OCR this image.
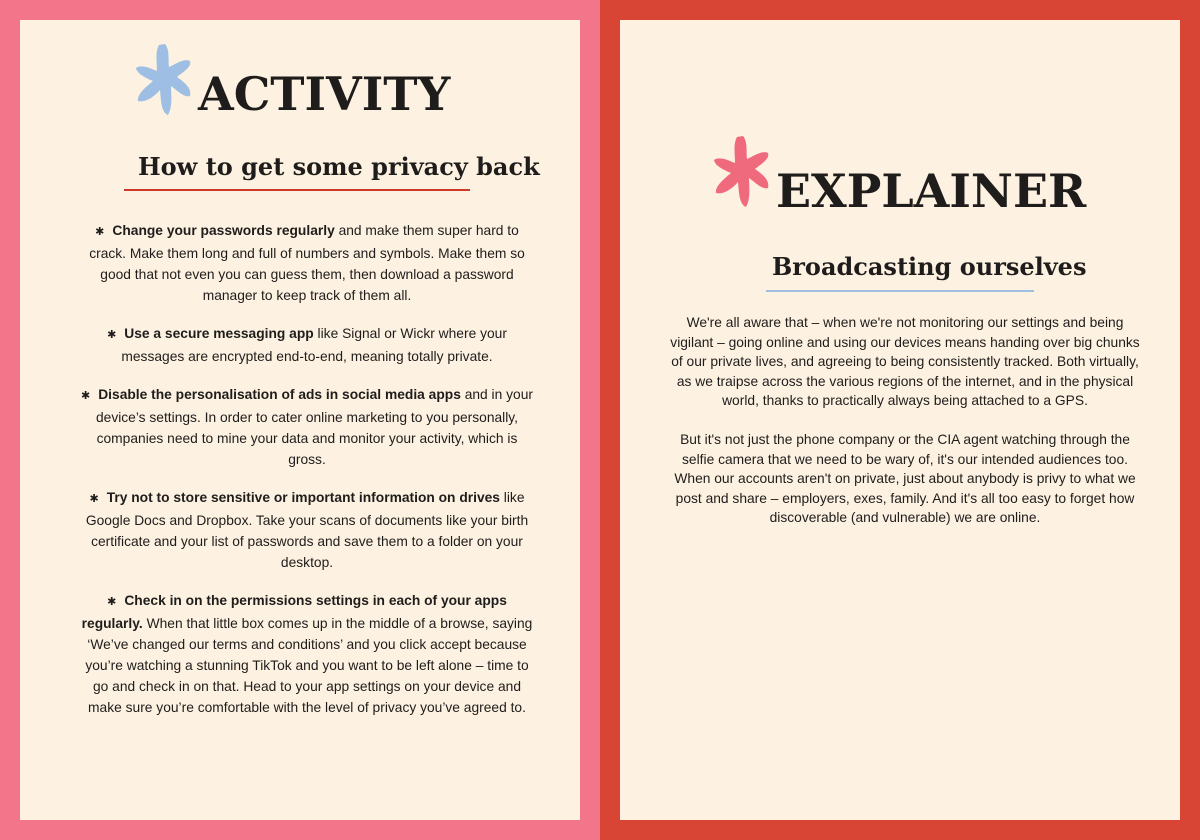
ACTIVITY
How to get some privacy back

✱ Change your passwords regularly and make them super hard to crack. Make them long and full of numbers and symbols. Make them so good that not even you can guess them, then download a password manager to keep track of them all.

✱ Use a secure messaging app like Signal or Wickr where your messages are encrypted end-to-end, meaning totally private.

✱ Disable the personalisation of ads in social media apps and in your device’s settings. In order to cater online marketing to you personally, companies need to mine your data and monitor your activity, which is gross.

✱ Try not to store sensitive or important information on drives like Google Docs and Dropbox. Take your scans of documents like your birth certificate and your list of passwords and save them to a folder on your desktop.

✱ Check in on the permissions settings in each of your apps regularly. When that little box comes up in the middle of a browse, saying ‘We’ve changed our terms and conditions’ and you click accept because you’re watching a stunning TikTok and you want to be left alone – time to go and check in on that. Head to your app settings on your device and make sure you’re comfortable with the level of privacy you’ve agreed to.

EXPLAINER
Broadcasting ourselves

We're all aware that – when we're not monitoring our settings and being vigilant – going online and using our devices means handing over big chunks of our private lives, and agreeing to being consistently tracked. Both virtually, as we traipse across the various regions of the internet, and in the physical world, thanks to practically always being attached to a GPS.

But it's not just the phone company or the CIA agent watching through the selfie camera that we need to be wary of, it's our intended audiences too. When our accounts aren't on private, just about anybody is privy to what we post and share – employers, exes, family. And it's all too easy to forget how discoverable (and vulnerable) we are online.
